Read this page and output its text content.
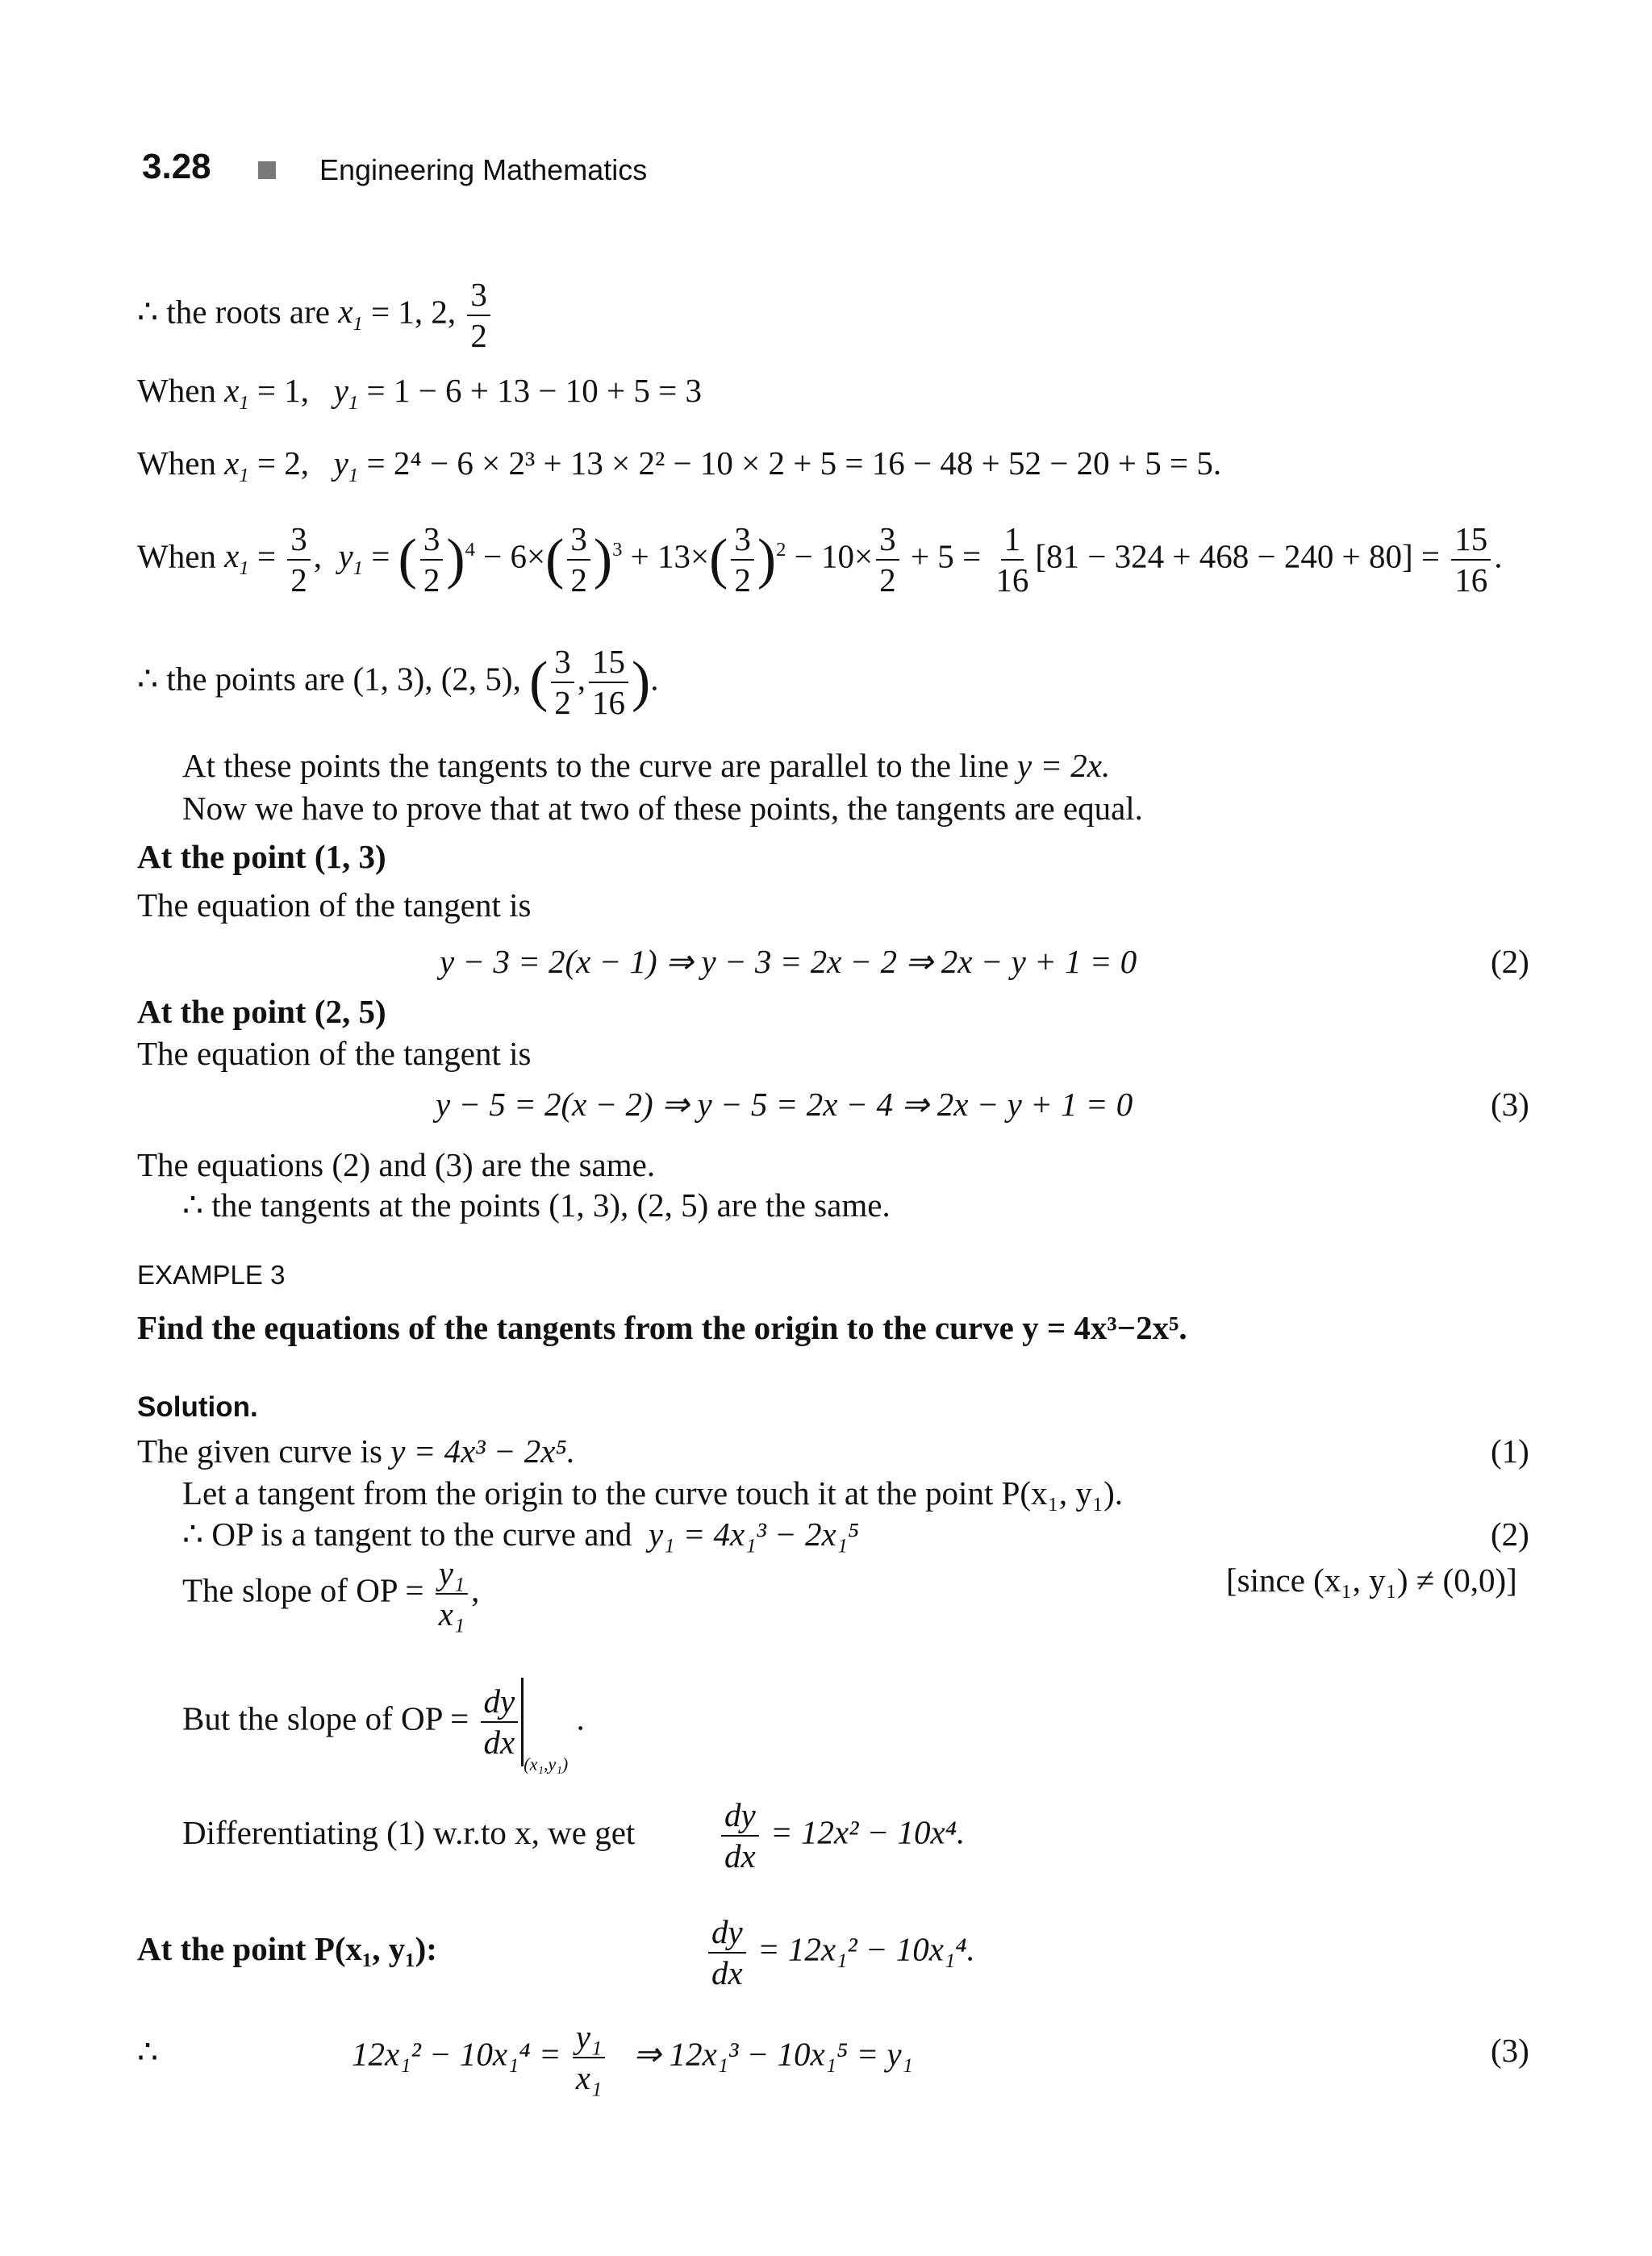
3.28	Engineering Mathematics
∴ the roots are $x_1 = 1$, 2, $\frac{3}{2}$
When $x_1 = 1$, $y_1 = 1 - 6 + 13 - 10 + 5 = 3$
When $x_1 = 2$, $y_1 = 2^4 - 6 \times 2^3 + 13 \times 2^2 - 10 \times 2 + 5 = 16 - 48 + 52 - 20 + 5 = 5$.
When $x_1 = \frac{3}{2}$ ,  $y_1$ = ( $\frac{3}{2} )^4 - 6\times( \frac{3}{2} )^3 + 13\times( \frac{3}{2} )^2 - 10\times \frac{3}{2} + 5 = \frac{1}{16} [81 - 324 + 468 - 240 + 80] = \frac{15}{16}$ .
∴ the points are (1, 3), (2, 5), ( $\frac{3}{2}$ , $\frac{15}{16}$ ).
At these points the tangents to the curve are parallel to the line y = 2x.
Now we have to prove that at two of these points, the tangents are equal.
At the point (1, 3)
The equation of the tangent is
y − 3 = 2(x − 1) ⇒ y − 3 = 2x − 2 ⇒ 2x − y + 1 = 0	(2)
At the point (2, 5)
The equation of the tangent is
y − 5 = 2(x − 2) ⇒ y − 5 = 2x − 4 ⇒ 2x − y + 1 = 0	(3)
The equations (2) and (3) are the same.
∴ the tangents at the points (1, 3), (2, 5) are the same.
EXAMPLE 3
Find the equations of the tangents from the origin to the curve y = 4x³−2x⁵.
Solution.
The given curve is y = 4x³ − 2x⁵.	(1)
Let a tangent from the origin to the curve touch it at the point P(x₁, y₁).
∴ OP is a tangent to the curve and y₁ = 4x₁³ − 2x₁⁵	(2)
The slope of OP = $\frac{\text{y₁}}{\text{x₁}}$ ,	[since (x₁, y₁) ≠ (0,0)]
But the slope of OP = $\frac{dy}{dx}$
$_{(x_1,y_1)}$ .
Differentiating (1) w.r.to x, we get	$\frac{dy}{dx} = 12x^2 - 10x^4$.
At the point P(x₁, y₁):	$\frac{dy}{dx} = 12x_1^2 - 10x_1^4$.
∴	$12x_1^2 - 10x_1^4 = \frac{\text{y₁}}{\text{x₁}}$ ⇒ 12x₁³ − 10x₁⁵ = y₁	(3)
